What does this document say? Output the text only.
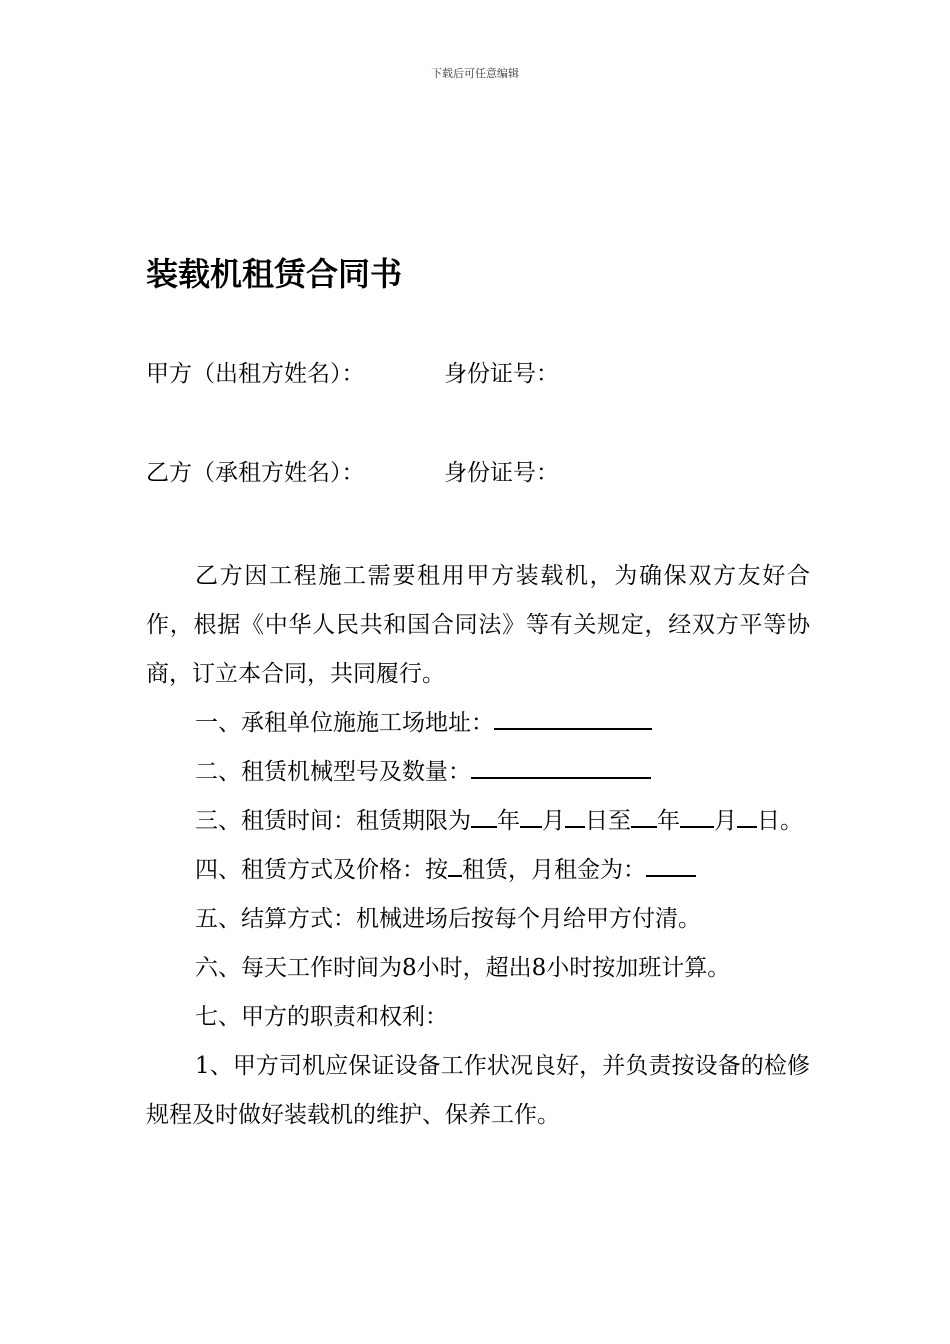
下载后可任意编辑
装载机租赁合同书
甲方（出租方姓名）：	身份证号：
乙方（承租方姓名）：	身份证号：

乙方因工程施工需要租用甲方装载机，为确保双方友好合作，根据《中华人民共和国合同法》等有关规定，经双方平等协商，订立本合同，共同履行。

一、承租单位施施工场地址：

二、租赁机械型号及数量：

三、租赁时间：租赁期限为 年 月 日至 年 月 日。

四、租赁方式及价格：按 租赁，月租金为：

五、结算方式：机械进场后按每个月给甲方付清。

六、每天工作时间为8小时，超出8小时按加班计算。

七、甲方的职责和权利：

1、甲方司机应保证设备工作状况良好，并负责按设备的检修规程及时做好装载机的维护、保养工作。
